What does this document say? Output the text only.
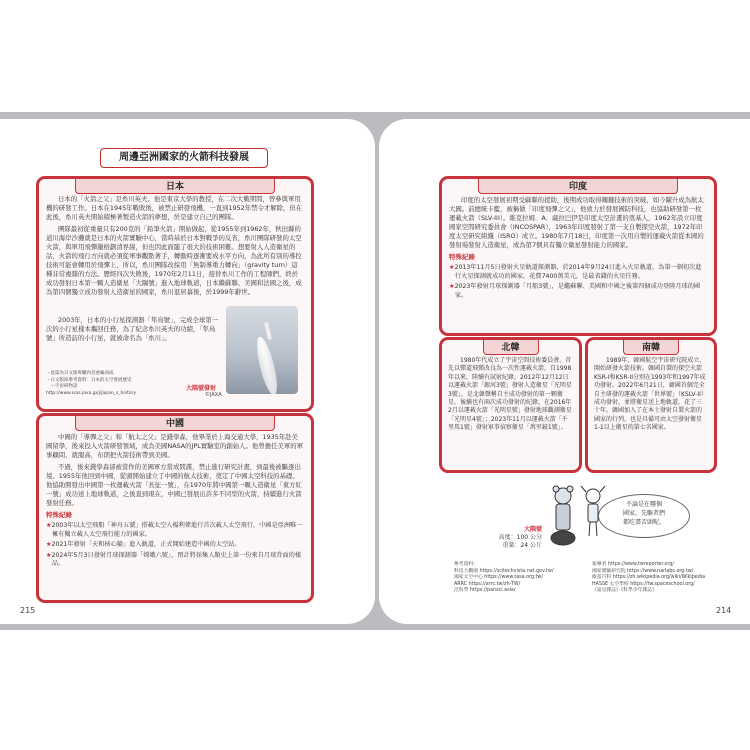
周邊亞洲國家的火箭科技發展
日本

日本的「火箭之父」是糸川英夫。他是東京大學的教授，在二次大戰期間，曾參與軍用機的研發工作。日本在1945年戰敗後，被禁止研發飛機，一直到1952年禁令才解除，但在此後，糸川英夫開始積極著製造火箭的夢想，於是建立自己的團隊。

團隊最初從重量只有200克的「鉛筆火箭」開始做起，從1955年到1962年，秋田縣的道川海岸沙灘就是日本的火箭實驗中心，當時基於日本對戰爭的反省，糸川團隊研發的太空火箭，與軍用飛彈嚴格劃清界線，但也因此面臨了很大的技術困難。想要射入人造衛星的話，火箭的飛行方向就必須從軍事觀點著手，轉動時逐漸要成水平方向，為此所有別的導控技術可能會轉用於飛彈上，所以，糸川團隊改採用「無制導重力轉向」（gravity turn）這種非常複雜的方法。歷經四次失敗後，1970年2月11日，接替糸川工作的工程師們，終於成功發射日本第一顆人造衛星「大隅號」進入地球軌道，日本繼蘇聯、美國和法國之後，成為第四個獨立成功發射人造衛星的國家，糸川退居幕後，於1999年辭世。

2003年，日本的小行星探測器「隼鳥號」，完成全球第一次的小行星樣本攜回任務，為了紀念糸川英夫的功績，「隼鳥號」所造訪的小行星，就被命名為「糸川」。

・此篇為日文版專欄內容重編而成
・日文版採參考資料：日本的太空發展歷史
　～宇宙研物語
http://www.isas.jaxa.jp/j/japan_s_history
大隅號發射
©JAXA
中國

中國的「導彈之父」和「航太之父」是錢學森，他畢業於上海交通大學，1935年赴美國留學，後來投入火箭研發領域，成為美國NASA的JPL實驗室的創始人。他曾擔任美軍的軍事顧問，就服高，布朗把火箭技術帶到美國。

不過，後來錢學森卻被當作的美國軍方當成間諜，禁止進行研究計畫，到最後被驅逐出境。1955年他回到中國，從頭開始建立了中國的航太技術，奠定了中國太空科技的基礎。他協助開發出中國第一枚運載火箭「長征一號」，在1970年將中國第一顆人造衛星「東方紅一號」成功送上地球軌道，之後直到現在，中國已發展出許多不同型的火箭，持續進行火箭發射任務。

特殊紀錄
★2003年以太空飛船「神舟五號」搭載太空人楊利偉進行首次載人太空飛行，中國是亞洲唯一擁有獨立載人太空飛行能力的國家。
★2021年發射「天和核心艙」進入軌道，正式開始建造中國的太空站。
★2024年5月3日發射月球探測器「嫦娥六號」，預計將採集人類史上第一份來自月球背面的樣品。
印度

印度的太空發展初期受蘇聯的援助，後期成功取得關鍵技術的突破，如今躍升成為航太大國。前總統卡藍，被稱做「印度飛彈之父」，他致力於發展國防科技，也協助研發第一枚運載火箭（SLV-III）。維克拉姆．A．薩拉巴伊是印度太空計畫的奠基人，1962年設立印度國家空間研究委員會（INCOSPAR），1963年印度發射了第一支自製探空火箭，1972年印度太空研究組織（ISRO）成立。1980年7月18日，印度第一次用自製的運載火箭從本國的發射場發射人造衛星，成為第7個具有獨立衛星發射能力的國家。

特殊紀錄
★2013年11月5日發射火星軌道探測器，於2014年9月24日進入火星軌道，為第一個初次進行火星探測就成功的國家，花費7400萬美元，是最省錢的火星任務。
★2023年發射月球探測器「月船3號」，是繼蘇聯、美國和中國之後第四個成功登陸月球的國家。
北韓

1980年代成立了宇宙空間技術委員會。首先以彈道飛彈改良為一次性運載火箭，自1998年以來，陸續有試射紀錄，2012年12月12日以運載火箭「銀河3號」發射人造衛星「光明星3號」，是北韓聲稱自主成功發射的第一顆衛星。後續也有兩次成功發射的紀錄，在2016年2月以運載火箭「光明星號」發射地球觀測衛星「光明星4號」；2023年11月以運載火箭「千里馬1號」發射軍事偵察衛星「萬里鏡1號」。

南韓

1989年，韓國航空宇宙研究院成立，開始研發火箭技術。韓國自製的探空火箭KSR-I和KSR-II分別在1993年和1997年成功發射。2022年6月21日，韓國首個完全自主研發的運載火箭「世界號」（KSLV-II）成功發射，並將衛星送上地軌道，花了三十年，韓國加入了在本土發射自製火箭的國家的行列，也是具備可由太空發射衛星1-1以上衛星的第七名國家。

不論是在哪個
國家，先驅者們
都吃盡苦頭呢。
大隅號
高度：100 公分
重量：24 公斤
參考資料：
科技大觀園 https://scitechvista.nat.gov.tw/
國家太空中心 https://www.tasa.org.tw/
ARRC https://arrc.tw/zh-TW/
泛科學 https://pansci.asia/
報導者 https://www.twreporter.org/
國家實驗研究院 https://www.narlabs.org.tw/
維基百科 https://zh.wikipedia.org/wiki/Wikipedia
HASSE 太空學校 https://tw.spaceschool.org/
《遠見雜誌》《科學少年雜誌》
215	214
